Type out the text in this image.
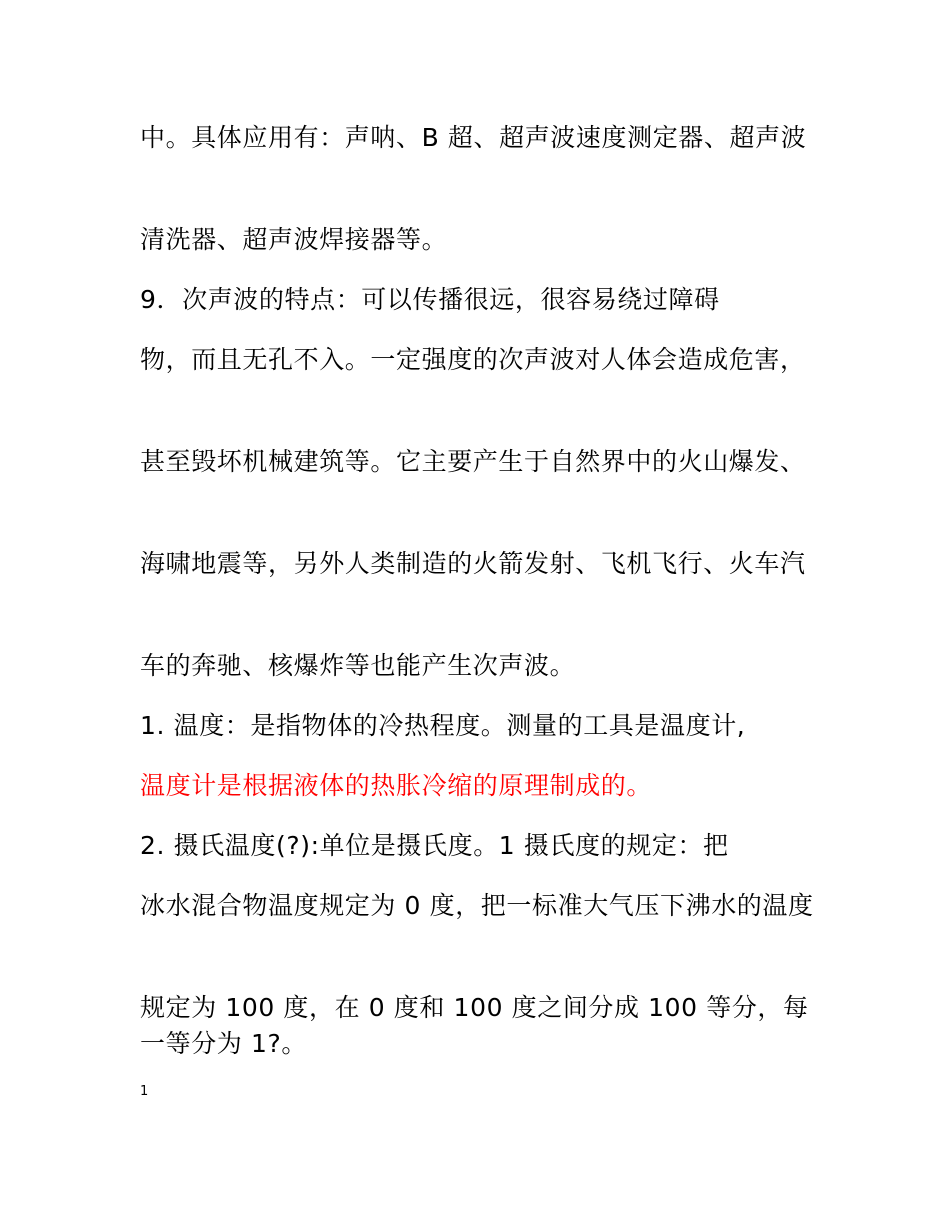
中。具体应用有：声呐、B 超、超声波速度测定器、超声波

清洗器、超声波焊接器等。

9．次声波的特点：可以传播很远，很容易绕过障碍

物，而且无孔不入。一定强度的次声波对人体会造成危害，

甚至毁坏机械建筑等。它主要产生于自然界中的火山爆发、

海啸地震等，另外人类制造的火箭发射、飞机飞行、火车汽

车的奔驰、核爆炸等也能产生次声波。

1. 温度：是指物体的冷热程度。测量的工具是温度计,

温度计是根据液体的热胀冷缩的原理制成的。

2. 摄氏温度(?):单位是摄氏度。1 摄氏度的规定：把

冰水混合物温度规定为 0 度，把一标准大气压下沸水的温度

规定为 100 度，在 0 度和 100 度之间分成 100 等分，每一等分为 1?。

1
